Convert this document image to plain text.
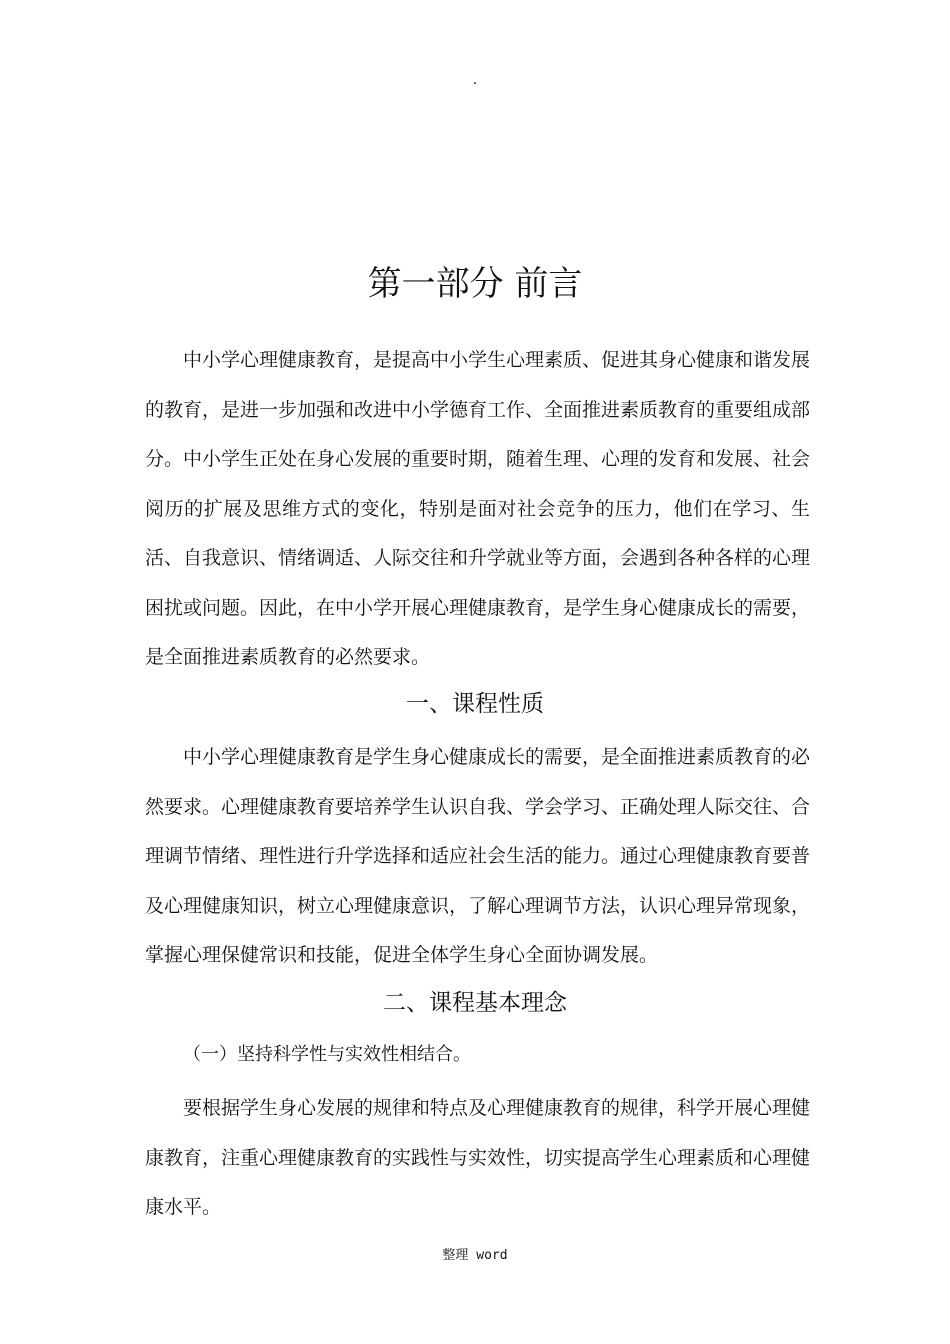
.
第一部分 前言

中小学心理健康教育，是提高中小学生心理素质、促进其身心健康和谐发展的教育，是进一步加强和改进中小学德育工作、全面推进素质教育的重要组成部分。中小学生正处在身心发展的重要时期，随着生理、心理的发育和发展、社会阅历的扩展及思维方式的变化，特别是面对社会竞争的压力，他们在学习、生活、自我意识、情绪调适、人际交往和升学就业等方面，会遇到各种各样的心理困扰或问题。因此，在中小学开展心理健康教育，是学生身心健康成长的需要，是全面推进素质教育的必然要求。

一、课程性质

中小学心理健康教育是学生身心健康成长的需要，是全面推进素质教育的必然要求。心理健康教育要培养学生认识自我、学会学习、正确处理人际交往、合理调节情绪、理性进行升学选择和适应社会生活的能力。通过心理健康教育要普及心理健康知识，树立心理健康意识，了解心理调节方法，认识心理异常现象，掌握心理保健常识和技能，促进全体学生身心全面协调发展。

二、课程基本理念

（一）坚持科学性与实效性相结合。

要根据学生身心发展的规律和特点及心理健康教育的规律，科学开展心理健康教育，注重心理健康教育的实践性与实效性，切实提高学生心理素质和心理健康水平。

整理 word
